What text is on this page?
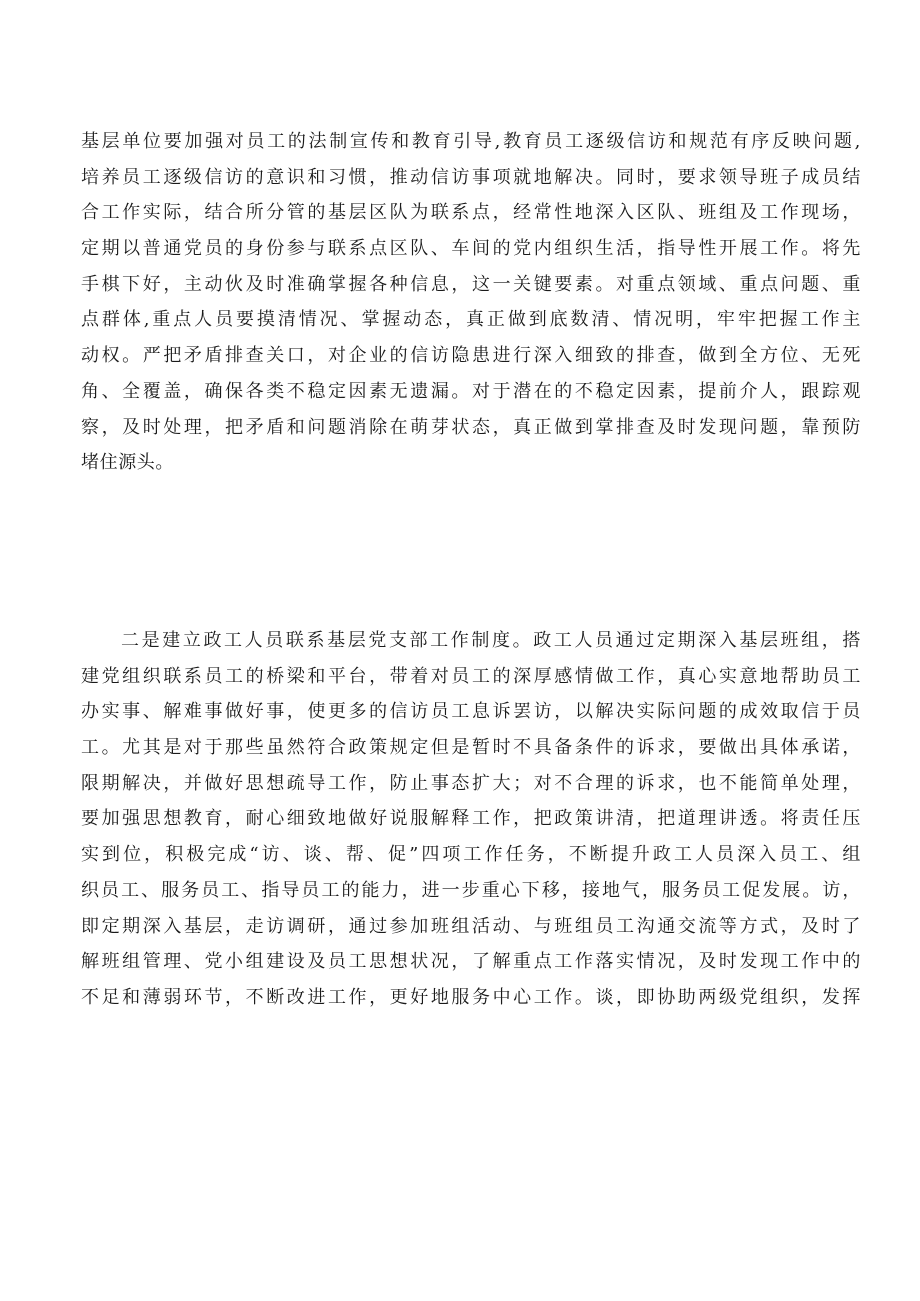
基层单位要加强对员工的法制宣传和教育引导,教育员工逐级信访和规范有序反映问题,
培养员工逐级信访的意识和习惯，推动信访事项就地解决。同时，要求领导班子成员结
合工作实际，结合所分管的基层区队为联系点，经常性地深入区队、班组及工作现场，
定期以普通党员的身份参与联系点区队、车间的党内组织生活，指导性开展工作。将先
手棋下好，主动伙及时准确掌握各种信息，这一关键要素。对重点领域、重点问题、重
点群体,重点人员要摸清情况、掌握动态，真正做到底数清、情况明，牢牢把握工作主
动权。严把矛盾排查关口，对企业的信访隐患进行深入细致的排查，做到全方位、无死
角、全覆盖，确保各类不稳定因素无遗漏。对于潜在的不稳定因素，提前介人，跟踪观
察，及时处理，把矛盾和问题消除在萌芽状态，真正做到掌排查及时发现问题，靠预防
堵住源头。
二是建立政工人员联系基层党支部工作制度。政工人员通过定期深入基层班组，搭
建党组织联系员工的桥梁和平台，带着对员工的深厚感情做工作，真心实意地帮助员工
办实事、解难事做好事，使更多的信访员工息诉罢访，以解决实际问题的成效取信于员
工。尤其是对于那些虽然符合政策规定但是暂时不具备条件的诉求，要做出具体承诺，
限期解决，并做好思想疏导工作，防止事态扩大；对不合理的诉求，也不能简单处理，
要加强思想教育，耐心细致地做好说服解释工作，把政策讲清，把道理讲透。将责任压
实到位，积极完成“访、谈、帮、促”四项工作任务，不断提升政工人员深入员工、组
织员工、服务员工、指导员工的能力，进一步重心下移，接地气，服务员工促发展。访，
即定期深入基层，走访调研，通过参加班组活动、与班组员工沟通交流等方式，及时了
解班组管理、党小组建设及员工思想状况，了解重点工作落实情况，及时发现工作中的
不足和薄弱环节，不断改进工作，更好地服务中心工作。谈，即协助两级党组织，发挥
